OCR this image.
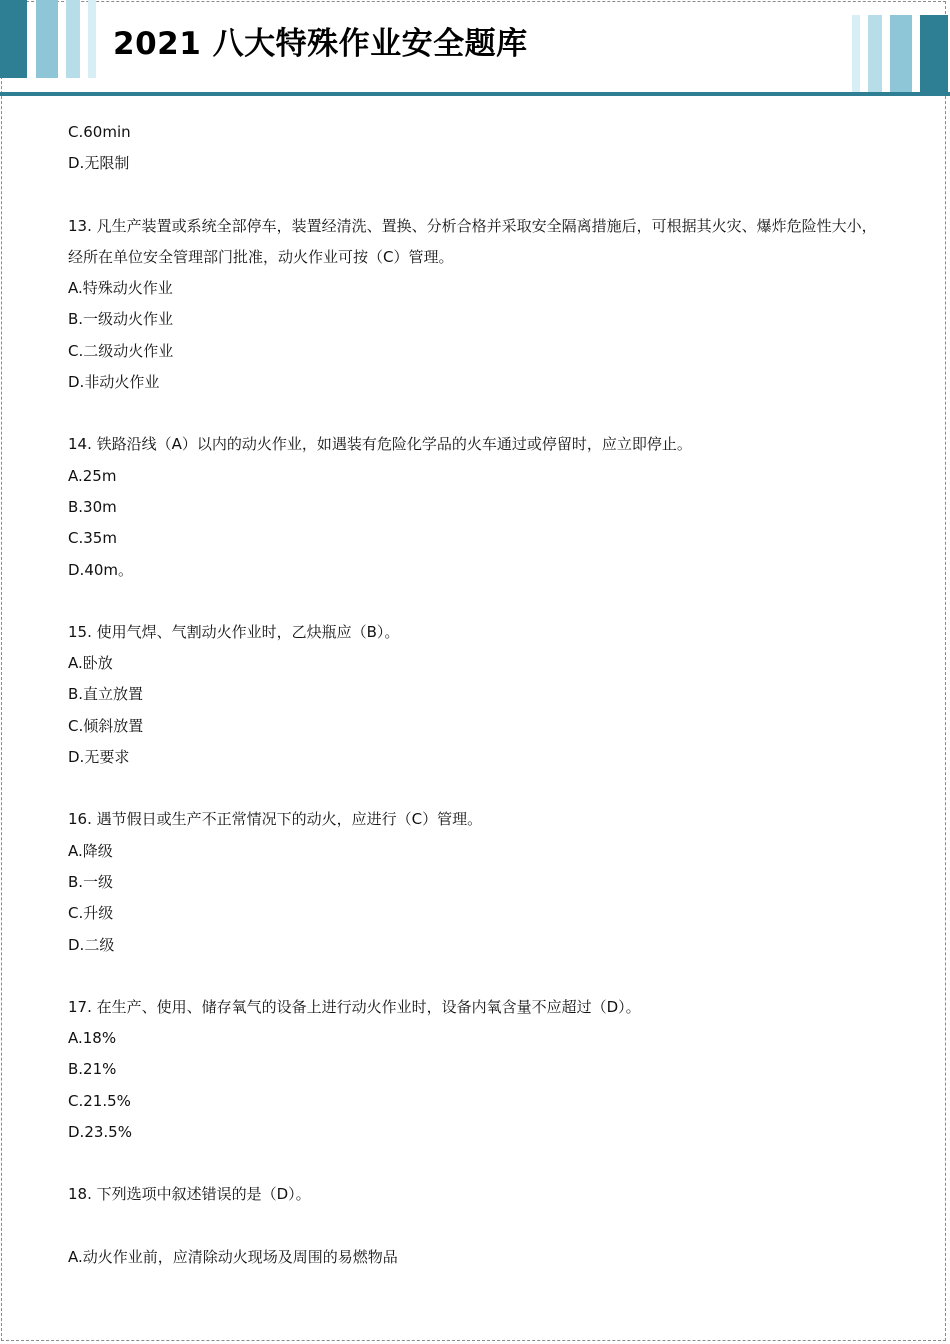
2021 八大特殊作业安全题库
C.60min
D.无限制
13. 凡生产装置或系统全部停车，装置经清洗、置换、分析合格并采取安全隔离措施后，可根据其火灾、爆炸危险性大小，经所在单位安全管理部门批准，动火作业可按（C）管理。
A.特殊动火作业
B.一级动火作业
C.二级动火作业
D.非动火作业
14. 铁路沿线（A）以内的动火作业，如遇装有危险化学品的火车通过或停留时，应立即停止。
A.25m
B.30m
C.35m
D.40m。
15. 使用气焊、气割动火作业时，乙炔瓶应（B）。
A.卧放
B.直立放置
C.倾斜放置
D.无要求
16. 遇节假日或生产不正常情况下的动火，应进行（C）管理。
A.降级
B.一级
C.升级
D.二级
17. 在生产、使用、储存氧气的设备上进行动火作业时，设备内氧含量不应超过（D）。
A.18%
B.21%
C.21.5%
D.23.5%
18. 下列选项中叙述错误的是（D）。
A.动火作业前，应清除动火现场及周围的易燃物品
